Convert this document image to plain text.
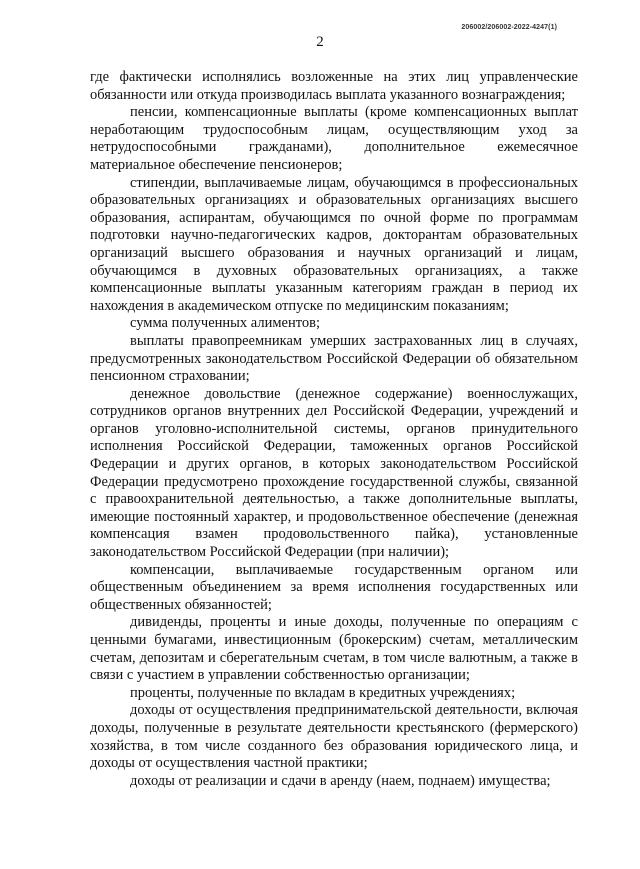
206002/206002-2022-4247(1)
2

где фактически исполнялись возложенные на этих лиц управленческие обязанности или откуда производилась выплата указанного вознаграждения;

пенсии, компенсационные выплаты (кроме компенсационных выплат неработающим трудоспособным лицам, осуществляющим уход за нетрудоспособными гражданами), дополнительное ежемесячное материальное обеспечение пенсионеров;

стипендии, выплачиваемые лицам, обучающимся в профессиональных образовательных организациях и образовательных организациях высшего образования, аспирантам, обучающимся по очной форме по программам подготовки научно-педагогических кадров, докторантам образовательных организаций высшего образования и научных организаций и лицам, обучающимся в духовных образовательных организациях, а также компенсационные выплаты указанным категориям граждан в период их нахождения в академическом отпуске по медицинским показаниям;

сумма полученных алиментов;

выплаты правопреемникам умерших застрахованных лиц в случаях, предусмотренных законодательством Российской Федерации об обязательном пенсионном страховании;

денежное довольствие (денежное содержание) военнослужащих, сотрудников органов внутренних дел Российской Федерации, учреждений и органов уголовно-исполнительной системы, органов принудительного исполнения Российской Федерации, таможенных органов Российской Федерации и других органов, в которых законодательством Российской Федерации предусмотрено прохождение государственной службы, связанной с правоохранительной деятельностью, а также дополнительные выплаты, имеющие постоянный характер, и продовольственное обеспечение (денежная компенсация взамен продовольственного пайка), установленные законодательством Российской Федерации (при наличии);

компенсации, выплачиваемые государственным органом или общественным объединением за время исполнения государственных или общественных обязанностей;

дивиденды, проценты и иные доходы, полученные по операциям с ценными бумагами, инвестиционным (брокерским) счетам, металлическим счетам, депозитам и сберегательным счетам, в том числе валютным, а также в связи с участием в управлении собственностью организации;

проценты, полученные по вкладам в кредитных учреждениях;

доходы от осуществления предпринимательской деятельности, включая доходы, полученные в результате деятельности крестьянского (фермерского) хозяйства, в том числе созданного без образования юридического лица, и доходы от осуществления частной практики;

доходы от реализации и сдачи в аренду (наем, поднаем) имущества;
